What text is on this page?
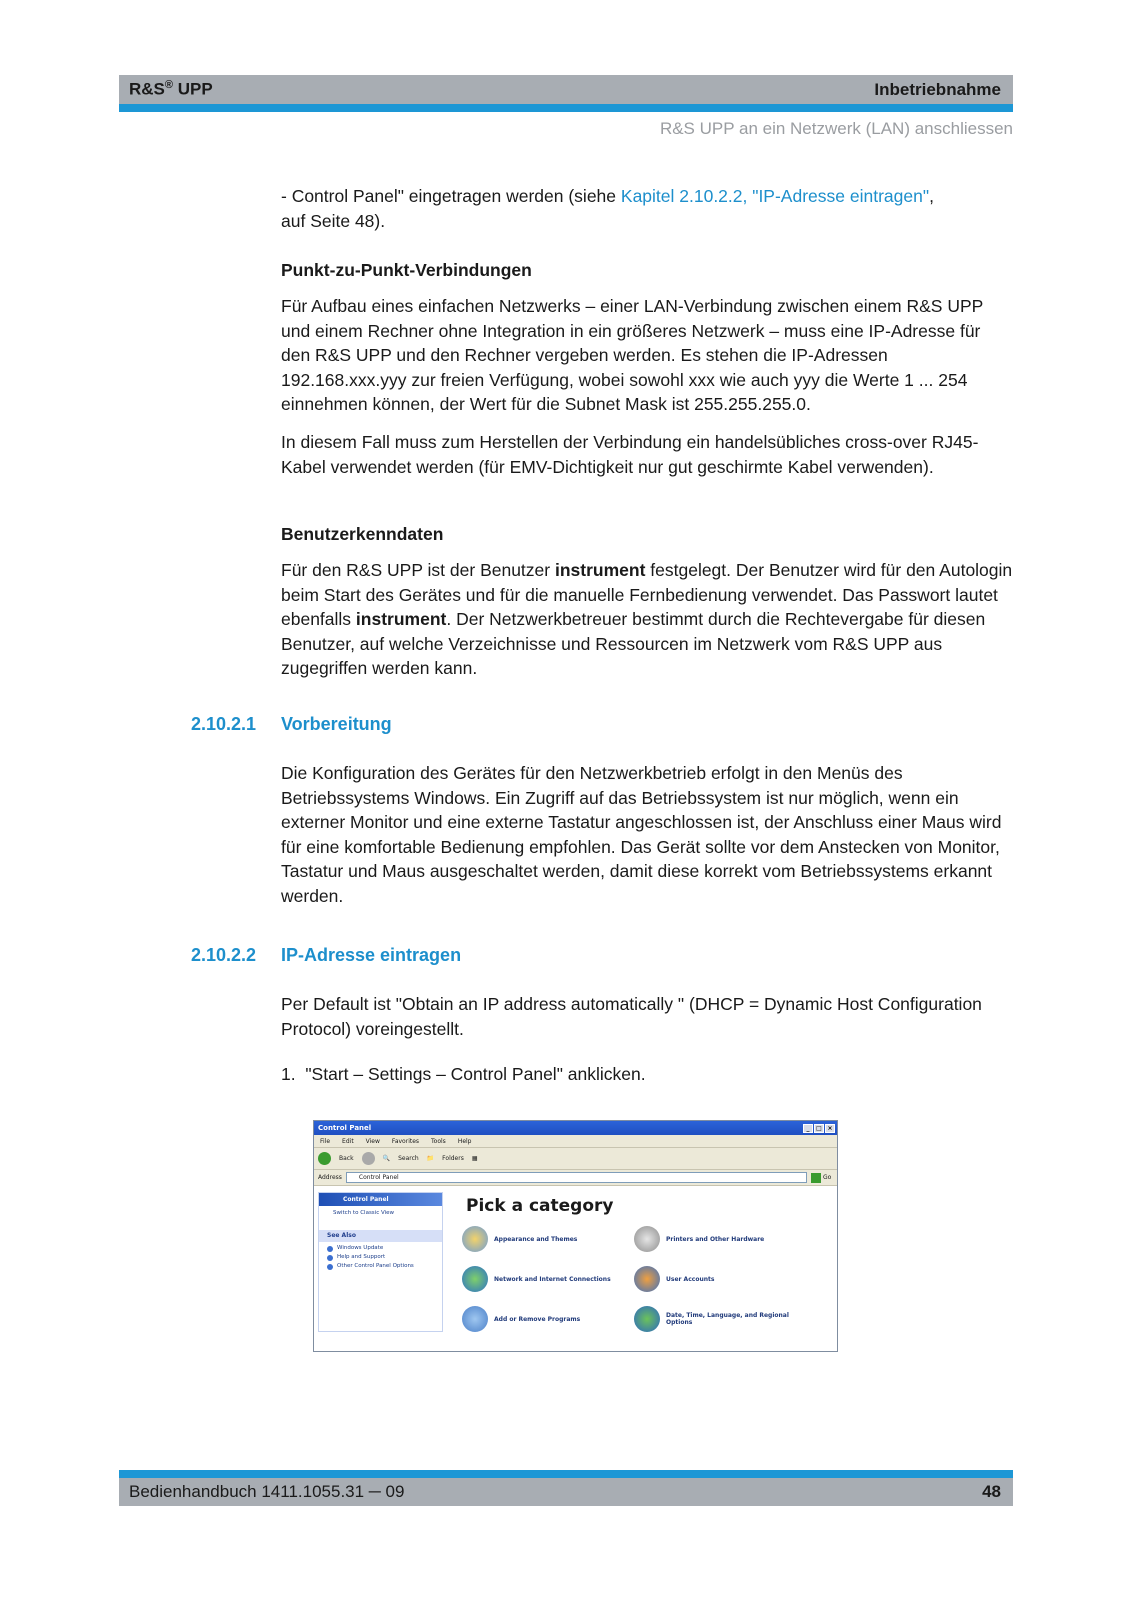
R&S® UPP	Inbetriebnahme
R&S UPP an ein Netzwerk (LAN) anschliessen

- Control Panel" eingetragen werden (siehe Kapitel 2.10.2.2, "IP-Adresse eintragen",
auf Seite 48).

Punkt-zu-Punkt-Verbindungen

Für Aufbau eines einfachen Netzwerks – einer LAN-Verbindung zwischen einem R&S UPP und einem Rechner ohne Integration in ein größeres Netzwerk – muss eine IP-Adresse für den R&S UPP und den Rechner vergeben werden. Es stehen die IP-Adressen 192.168.xxx.yyy zur freien Verfügung, wobei sowohl xxx wie auch yyy die Werte 1 ... 254 einnehmen können, der Wert für die Subnet Mask ist 255.255.255.0.

In diesem Fall muss zum Herstellen der Verbindung ein handelsübliches cross-over RJ45-Kabel verwendet werden (für EMV-Dichtigkeit nur gut geschirmte Kabel verwenden).

Benutzerkenndaten

Für den R&S UPP ist der Benutzer instrument festgelegt. Der Benutzer wird für den Autologin beim Start des Gerätes und für die manuelle Fernbedienung verwendet. Das Passwort lautet ebenfalls instrument. Der Netzwerkbetreuer bestimmt durch die Rechtevergabe für diesen Benutzer, auf welche Verzeichnisse und Ressourcen im Netzwerk vom R&S UPP aus zugegriffen werden kann.

2.10.2.1 Vorbereitung

Die Konfiguration des Gerätes für den Netzwerkbetrieb erfolgt in den Menüs des Betriebssystems Windows. Ein Zugriff auf das Betriebssystem ist nur möglich, wenn ein externer Monitor und eine externe Tastatur angeschlossen ist, der Anschluss einer Maus wird für eine komfortable Bedienung empfohlen. Das Gerät sollte vor dem Anstecken von Monitor, Tastatur und Maus ausgeschaltet werden, damit diese korrekt vom Betriebssystems erkannt werden.

2.10.2.2 IP-Adresse eintragen

Per Default ist "Obtain an IP address automatically " (DHCP = Dynamic Host Configuration Protocol) voreingestellt.

1. "Start – Settings – Control Panel" anklicken.

Control Panel	_	□ ×
File Edit View Favorites Tools Help
Back	🔍 Search 📁 Folders ▦
Address	Control Panel	Go
Control Panel
Switch to Classic View
See Also
Windows Update
Help and Support
Other Control Panel Options
Pick a category
Appearance and Themes	Printers and Other Hardware
Network and Internet Connections	User Accounts
Add or Remove Programs	Date, Time, Language, and Regional Options
Bedienhandbuch 1411.1055.31 ─ 09	48
